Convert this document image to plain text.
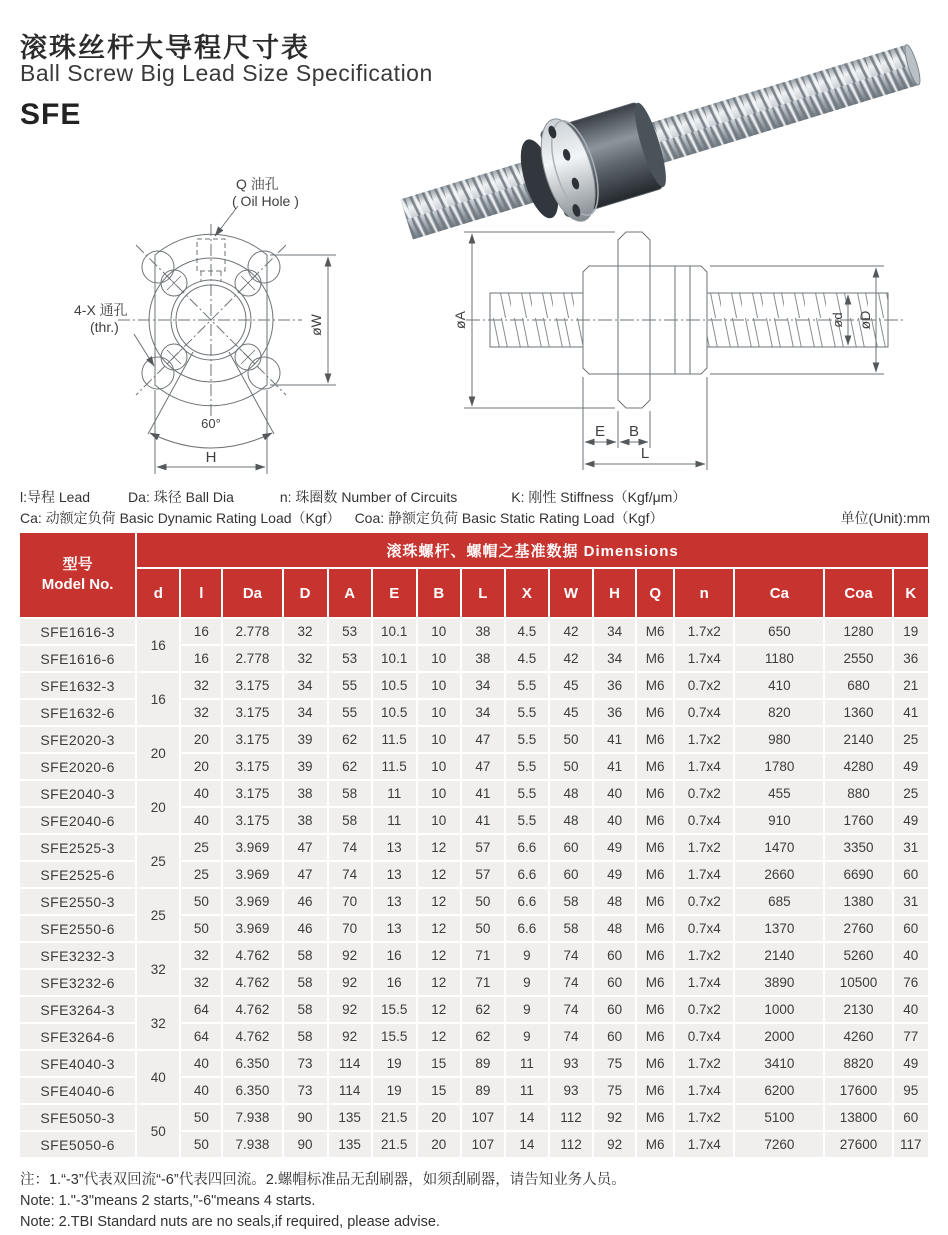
滚珠丝杆大导程尺寸表
Ball Screw Big Lead Size Specification
SFE
Q 油孔
( Oil Hole )
4-X 通孔
(thr.)	øW
60°
H
øA	ød øD
E B
L
l:导程 Lead	Da: 珠径 Ball Dia	n: 珠圈数 Number of Circuits	K: 刚性 Stiffness（Kgf/μm）
Ca: 动额定负荷 Basic Dynamic Rating Load（Kgf） Coa: 静额定负荷 Basic Static Rating Load（Kgf）	单位(Unit):mm
型号
Model No.	滚珠螺杆、螺帽之基准数据 Dimensions															
	d	l	Da	D	A	E	B	L	X	W	H	Q	n	Ca	Coa	K
SFE1616-3	16	16	2.778	32	53	10.1	10	38	4.5	42	34	M6	1.7x2	650	1280	19
SFE1616-6		16	2.778	32	53	10.1	10	38	4.5	42	34	M6	1.7x4	1180	2550	36
SFE1632-3	16	32	3.175	34	55	10.5	10	34	5.5	45	36	M6	0.7x2	410	680	21
SFE1632-6		32	3.175	34	55	10.5	10	34	5.5	45	36	M6	0.7x4	820	1360	41
SFE2020-3	20	20	3.175	39	62	11.5	10	47	5.5	50	41	M6	1.7x2	980	2140	25
SFE2020-6		20	3.175	39	62	11.5	10	47	5.5	50	41	M6	1.7x4	1780	4280	49
SFE2040-3	20	40	3.175	38	58	11	10	41	5.5	48	40	M6	0.7x2	455	880	25
SFE2040-6		40	3.175	38	58	11	10	41	5.5	48	40	M6	0.7x4	910	1760	49
SFE2525-3	25	25	3.969	47	74	13	12	57	6.6	60	49	M6	1.7x2	1470	3350	31
SFE2525-6		25	3.969	47	74	13	12	57	6.6	60	49	M6	1.7x4	2660	6690	60
SFE2550-3	25	50	3.969	46	70	13	12	50	6.6	58	48	M6	0.7x2	685	1380	31
SFE2550-6		50	3.969	46	70	13	12	50	6.6	58	48	M6	0.7x4	1370	2760	60
SFE3232-3	32	32	4.762	58	92	16	12	71	9	74	60	M6	1.7x2	2140	5260	40
SFE3232-6		32	4.762	58	92	16	12	71	9	74	60	M6	1.7x4	3890	10500	76
SFE3264-3	32	64	4.762	58	92	15.5	12	62	9	74	60	M6	0.7x2	1000	2130	40
SFE3264-6		64	4.762	58	92	15.5	12	62	9	74	60	M6	0.7x4	2000	4260	77
SFE4040-3	40	40	6.350	73	114	19	15	89	11	93	75	M6	1.7x2	3410	8820	49
SFE4040-6		40	6.350	73	114	19	15	89	11	93	75	M6	1.7x4	6200	17600	95
SFE5050-3	50	50	7.938	90	135	21.5	20	107	14	112	92	M6	1.7x2	5100	13800	60
SFE5050-6		50	7.938	90	135	21.5	20	107	14	112	92	M6	1.7x4	7260	27600	117
注：1.“-3”代表双回流“-6”代表四回流。2.螺帽标准品无刮刷器，如须刮刷器，请告知业务人员。
Note: 1."-3"means 2 starts,"-6"means 4 starts.
Note: 2.TBI Standard nuts are no seals,if required, please advise.
